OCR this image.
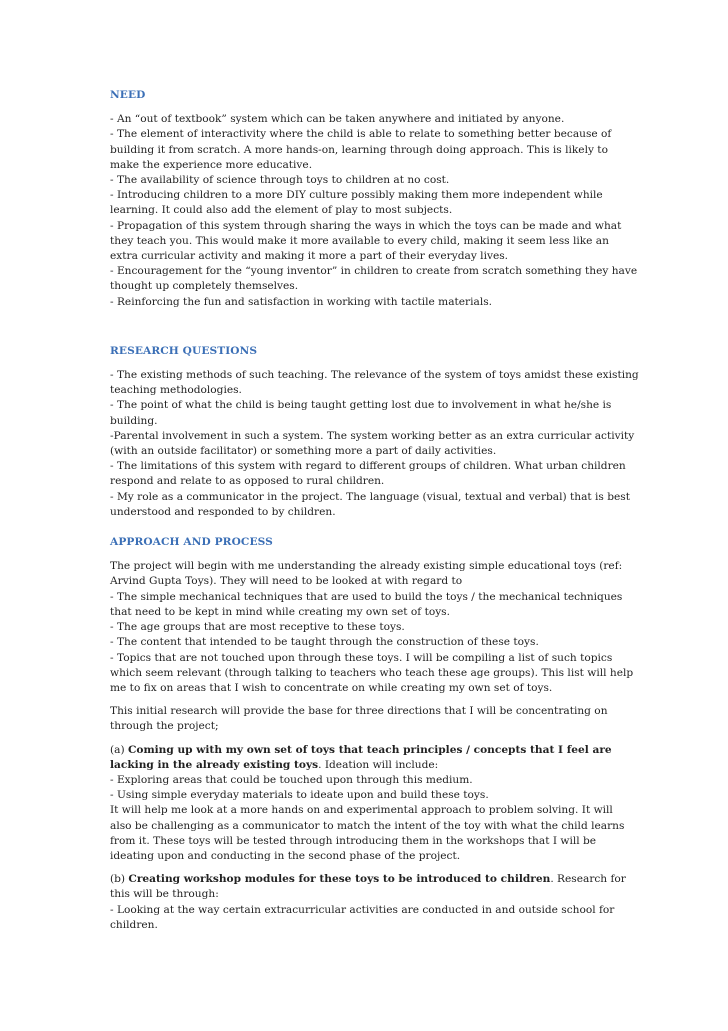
NEED
- An “out of textbook” system which can be taken anywhere and initiated by anyone.
- The element of interactivity where the child is able to relate to something better because of
building it from scratch. A more hands-on, learning through doing approach. This is likely to
make the experience more educative.
- The availability of science through toys to children at no cost.
- Introducing children to a more DIY culture possibly making them more independent while
learning. It could also add the element of play to most subjects.
- Propagation of this system through sharing the ways in which the toys can be made and what
they teach you. This would make it more available to every child, making it seem less like an
extra curricular activity and making it more a part of their everyday lives.
- Encouragement for the “young inventor” in children to create from scratch something they have
thought up completely themselves.
- Reinforcing the fun and satisfaction in working with tactile materials.
RESEARCH QUESTIONS
- The existing methods of such teaching. The relevance of the system of toys amidst these existing
teaching methodologies.
- The point of what the child is being taught getting lost due to involvement in what he/she is
building.
-Parental involvement in such a system. The system working better as an extra curricular activity
(with an outside facilitator) or something more a part of daily activities.
- The limitations of this system with regard to different groups of children. What urban children
respond and relate to as opposed to rural children.
- My role as a communicator in the project. The language (visual, textual and verbal) that is best
understood and responded to by children.
APPROACH AND PROCESS
The project will begin with me understanding the already existing simple educational toys (ref:
Arvind Gupta Toys). They will need to be looked at with regard to
- The simple mechanical techniques that are used to build the toys / the mechanical techniques
that need to be kept in mind while creating my own set of toys.
- The age groups that are most receptive to these toys.
- The content that intended to be taught through the construction of these toys.
- Topics that are not touched upon through these toys. I will be compiling a list of such topics
which seem relevant (through talking to teachers who teach these age groups). This list will help
me to fix on areas that I wish to concentrate on while creating my own set of toys.
This initial research will provide the base for three directions that I will be concentrating on
through the project;
(a) Coming up with my own set of toys that teach principles / concepts that I feel are
lacking in the already existing toys. Ideation will include:
- Exploring areas that could be touched upon through this medium.
- Using simple everyday materials to ideate upon and build these toys.
It will help me look at a more hands on and experimental approach to problem solving. It will
also be challenging as a communicator to match the intent of the toy with what the child learns
from it. These toys will be tested through introducing them in the workshops that I will be
ideating upon and conducting in the second phase of the project.
(b) Creating workshop modules for these toys to be introduced to children. Research for
this will be through:
- Looking at the way certain extracurricular activities are conducted in and outside school for
children.
